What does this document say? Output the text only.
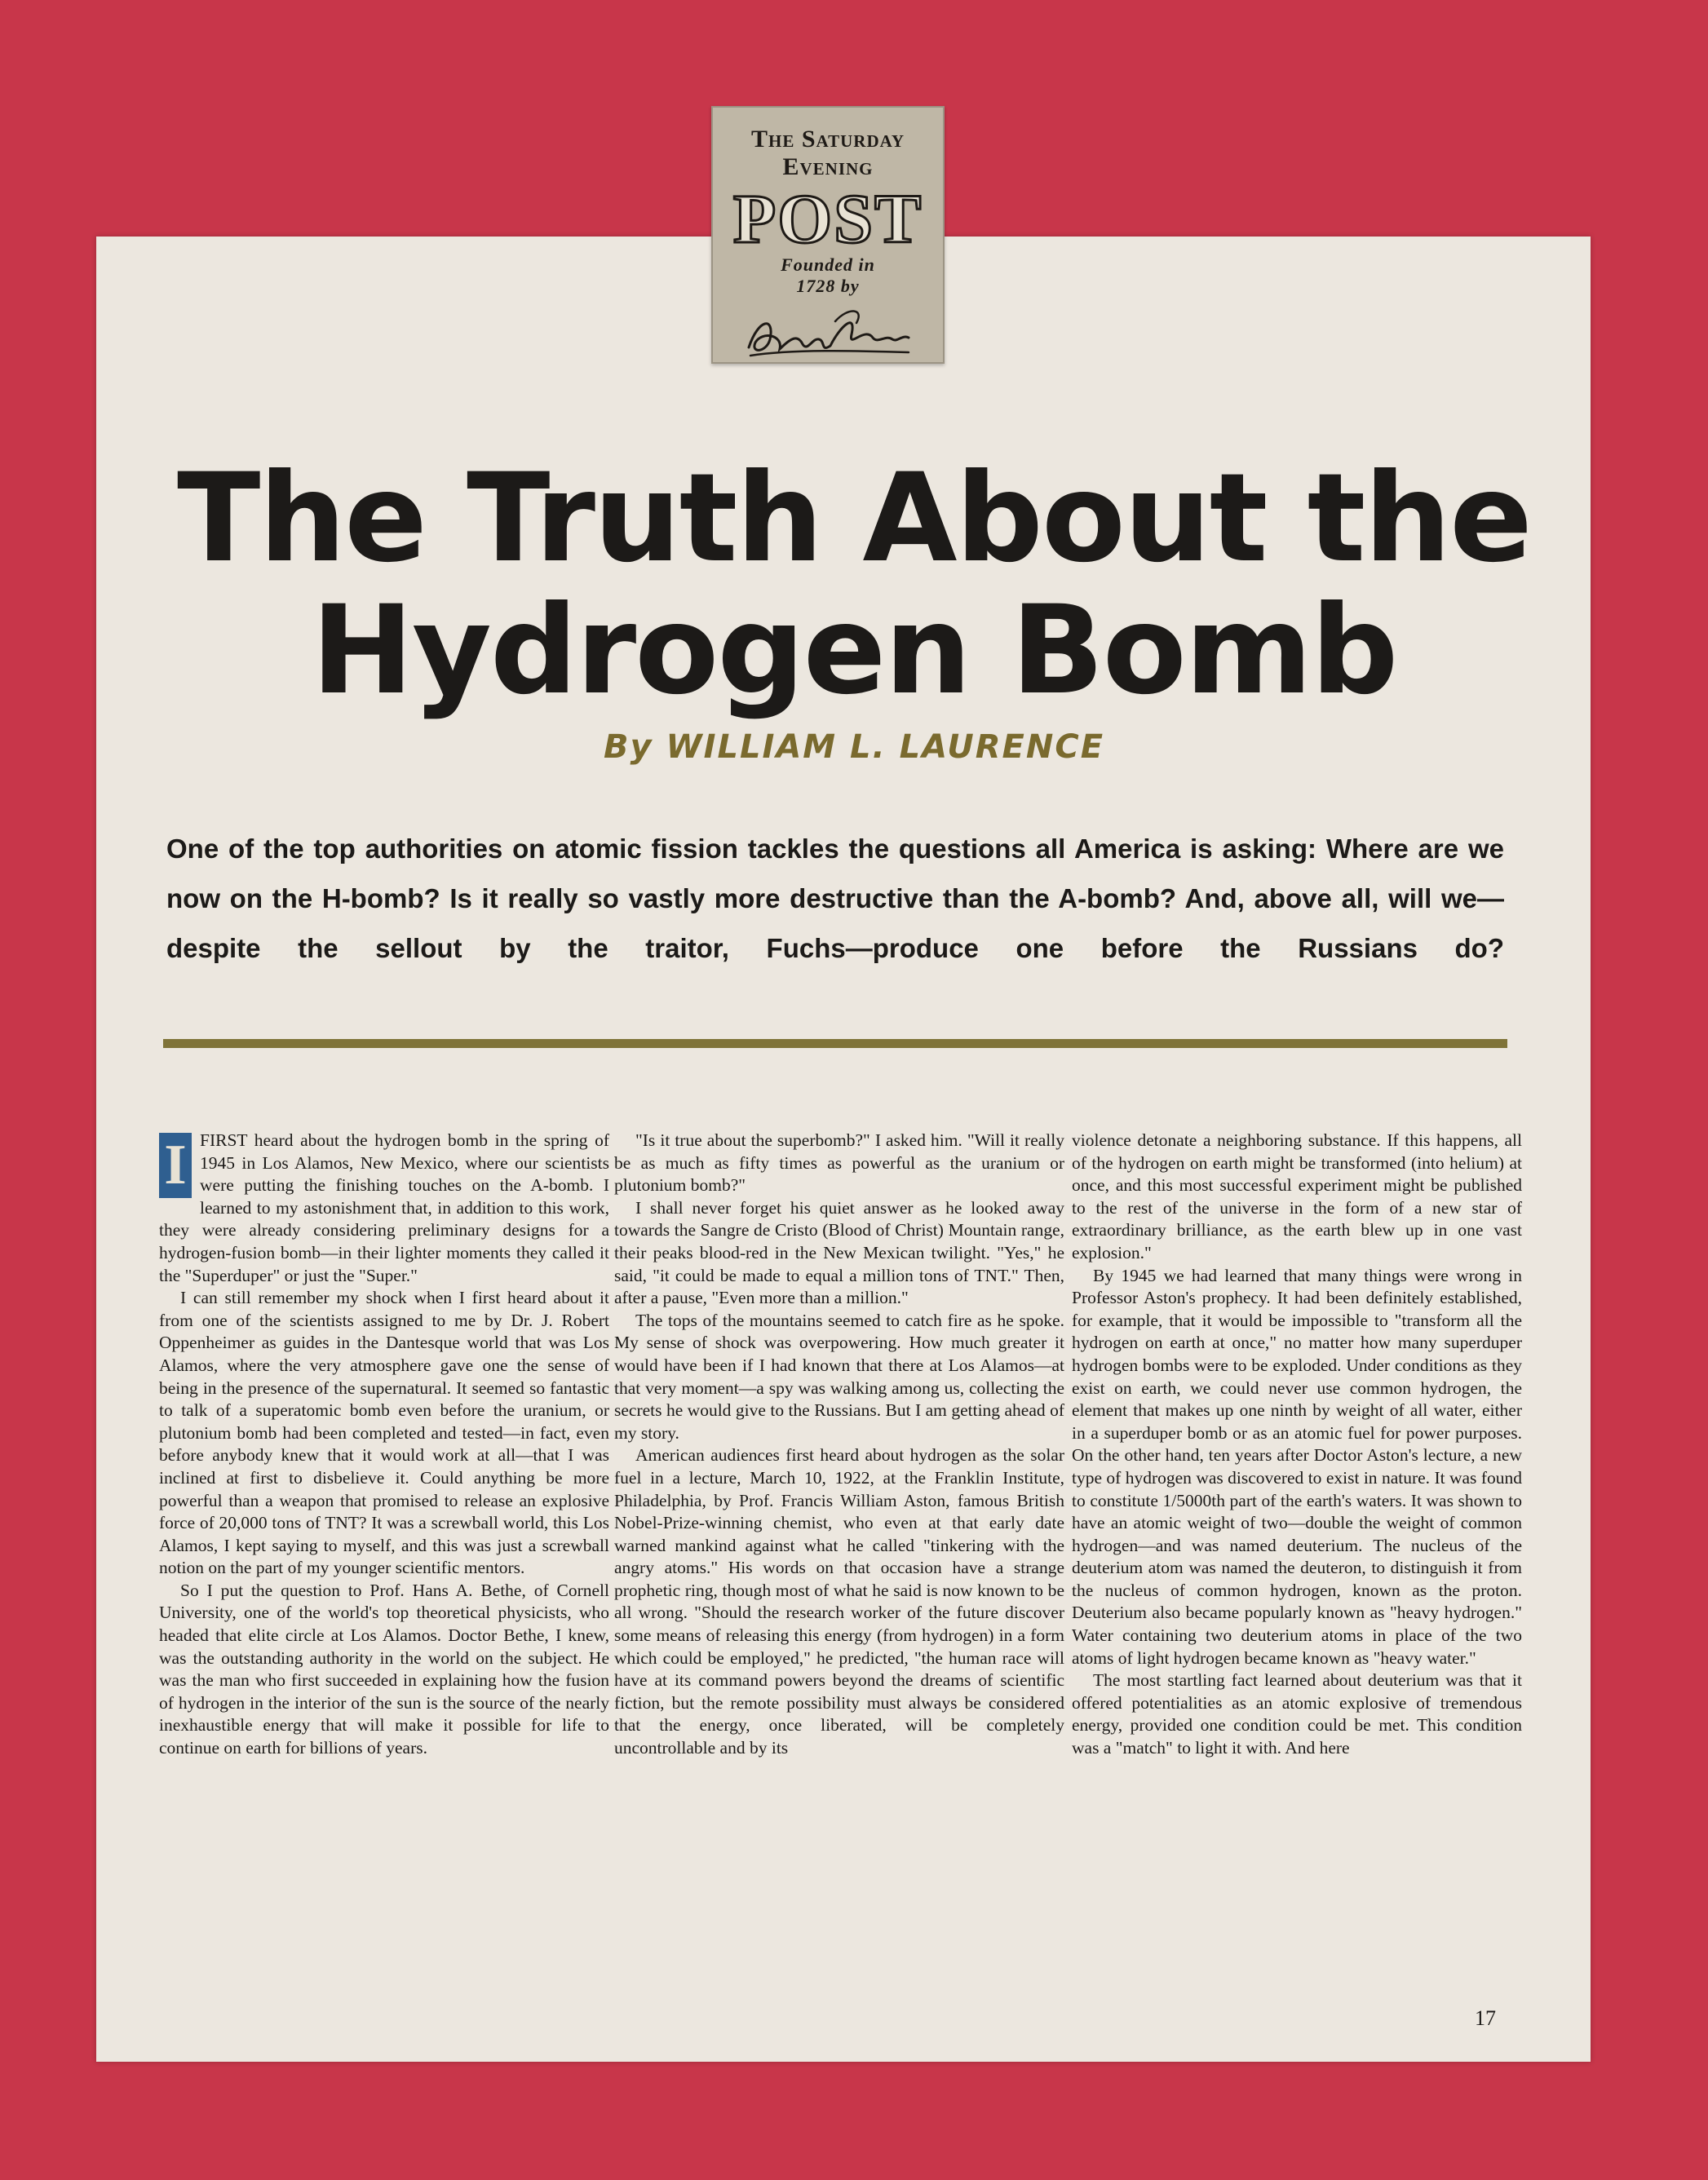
The Saturday
Evening
POST
Founded in
1728 by
The Truth About the
Hydrogen Bomb
By WILLIAM L. LAURENCE
One of the top authorities on atomic fission tackles the questions all America is asking: Where are we now on the H-bomb? Is it really so vastly more destructive than the A-bomb? And, above all, will we—despite the sellout by the traitor, Fuchs—produce one before the Russians do?

I FIRST heard about the hydrogen bomb in the spring of 1945 in Los Alamos, New Mexico, where our scientists were putting the finishing touches on the A-bomb. I learned to my astonishment that, in addition to this work, they were already considering preliminary designs for a hydrogen-fusion bomb—in their lighter moments they called it the "Superduper" or just the "Super."

I can still remember my shock when I first heard about it from one of the scientists assigned to me by Dr. J. Robert Oppenheimer as guides in the Dantesque world that was Los Alamos, where the very atmosphere gave one the sense of being in the presence of the supernatural. It seemed so fantastic to talk of a superatomic bomb even before the uranium, or plutonium bomb had been completed and tested—in fact, even before anybody knew that it would work at all—that I was inclined at first to disbelieve it. Could anything be more powerful than a weapon that promised to release an explosive force of 20,000 tons of TNT? It was a screwball world, this Los Alamos, I kept saying to myself, and this was just a screwball notion on the part of my younger scientific mentors.

So I put the question to Prof. Hans A. Bethe, of Cornell University, one of the world's top theoretical physicists, who headed that elite circle at Los Alamos. Doctor Bethe, I knew, was the outstanding authority in the world on the subject. He was the man who first succeeded in explaining how the fusion of hydrogen in the interior of the sun is the source of the nearly inexhaustible energy that will make it possible for life to continue on earth for billions of years.

"Is it true about the superbomb?" I asked him. "Will it really be as much as fifty times as powerful as the uranium or plutonium bomb?"

I shall never forget his quiet answer as he looked away towards the Sangre de Cristo (Blood of Christ) Mountain range, their peaks blood-red in the New Mexican twilight. "Yes," he said, "it could be made to equal a million tons of TNT." Then, after a pause, "Even more than a million."

The tops of the mountains seemed to catch fire as he spoke. My sense of shock was overpowering. How much greater it would have been if I had known that there at Los Alamos—at that very moment—a spy was walking among us, collecting the secrets he would give to the Russians. But I am getting ahead of my story.

American audiences first heard about hydrogen as the solar fuel in a lecture, March 10, 1922, at the Franklin Institute, Philadelphia, by Prof. Francis William Aston, famous British Nobel-Prize-winning chemist, who even at that early date warned mankind against what he called "tinkering with the angry atoms." His words on that occasion have a strange prophetic ring, though most of what he said is now known to be all wrong. "Should the research worker of the future discover some means of releasing this energy (from hydrogen) in a form which could be employed," he predicted, "the human race will have at its command powers beyond the dreams of scientific fiction, but the remote possibility must always be considered that the energy, once liberated, will be completely uncontrollable and by its

violence detonate a neighboring substance. If this happens, all of the hydrogen on earth might be transformed (into helium) at once, and this most successful experiment might be published to the rest of the universe in the form of a new star of extraordinary brilliance, as the earth blew up in one vast explosion."

By 1945 we had learned that many things were wrong in Professor Aston's prophecy. It had been definitely established, for example, that it would be impossible to "transform all the hydrogen on earth at once," no matter how many superduper hydrogen bombs were to be exploded. Under conditions as they exist on earth, we could never use common hydrogen, the element that makes up one ninth by weight of all water, either in a superduper bomb or as an atomic fuel for power purposes. On the other hand, ten years after Doctor Aston's lecture, a new type of hydrogen was discovered to exist in nature. It was found to constitute 1/5000th part of the earth's waters. It was shown to have an atomic weight of two—double the weight of common hydrogen—and was named deuterium. The nucleus of the deuterium atom was named the deuteron, to distinguish it from the nucleus of common hydrogen, known as the proton. Deuterium also became popularly known as "heavy hydrogen." Water containing two deuterium atoms in place of the two atoms of light hydrogen became known as "heavy water."

The most startling fact learned about deuterium was that it offered potentialities as an atomic explosive of tremendous energy, provided one condition could be met. This condition was a "match" to light it with. And here

17
